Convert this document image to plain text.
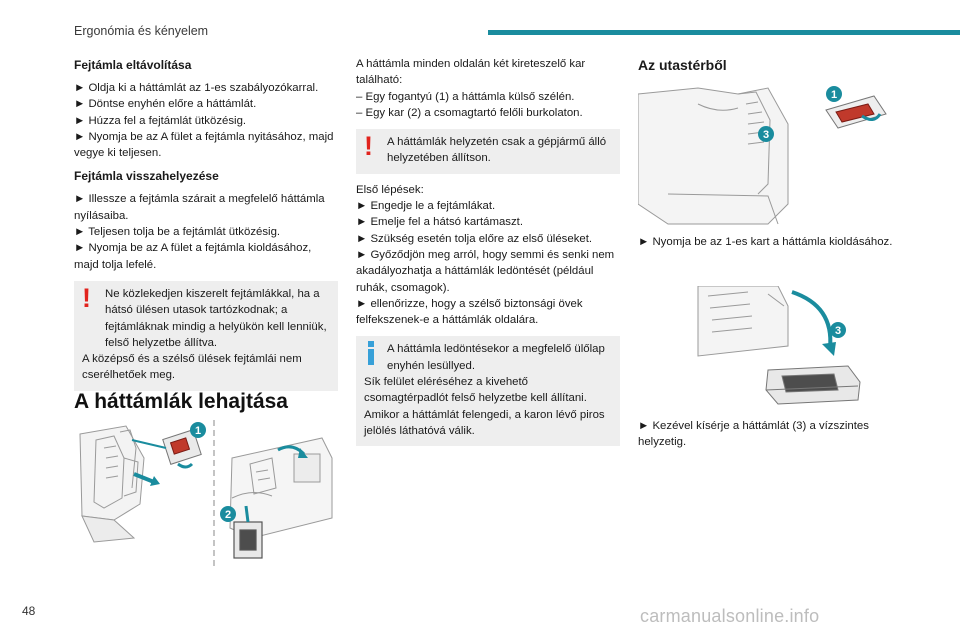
Ergonómia és kényelem
Fejtámla eltávolítása

► Oldja ki a háttámlát az 1-es szabályozókarral.

► Döntse enyhén előre a háttámlát.

► Húzza fel a fejtámlát ütközésig.

► Nyomja be az A fület a fejtámla nyitásához, majd vegye ki teljesen.

Fejtámla visszahelyezése

► Illessze a fejtámla szárait a megfelelő háttámla nyílásaiba.

► Teljesen tolja be a fejtámlát ütközésig.

► Nyomja be az A fület a fejtámla kioldásához, majd tolja lefelé.

!	Ne közlekedjen kiszerelt fejtámlákkal, ha a hátsó ülésen utasok tartózkodnak; a fejtámláknak mindig a helyükön kell lenniük, felső helyzetbe állítva.

A középső és a szélső ülések fejtámlái nem cserélhetőek meg.

A háttámlák lehajtása
1
2

A háttámla minden oldalán két kireteszelő kar található:

– Egy fogantyú (1) a háttámla külső szélén.

– Egy kar (2) a csomagtartó felőli burkolaton.

!	A háttámlák helyzetén csak a gépjármű álló helyzetében állítson.

Első lépések:

► Engedje le a fejtámlákat.

► Emelje fel a hátsó kartámaszt.

► Szükség esetén tolja előre az első üléseket.

► Győződjön meg arról, hogy semmi és senki nem akadályozhatja a háttámlák ledöntését (például ruhák, csomagok).

► ellenőrizze, hogy a szélső biztonsági övek felfekszenek-e a háttámlák oldalára.

A háttámla ledöntésekor a megfelelő ülőlap enyhén lesüllyed.

Sík felület eléréséhez a kivehető csomagtérpadlót felső helyzetbe kell állítani. Amikor a háttámlát felengedi, a karon lévő piros jelölés láthatóvá válik.

Az utastérből
1
3

► Nyomja be az 1-es kart a háttámla kioldásához.

3

► Kezével kísérje a háttámlát (3) a vízszintes helyzetig.

48	carmanualsonline.info
